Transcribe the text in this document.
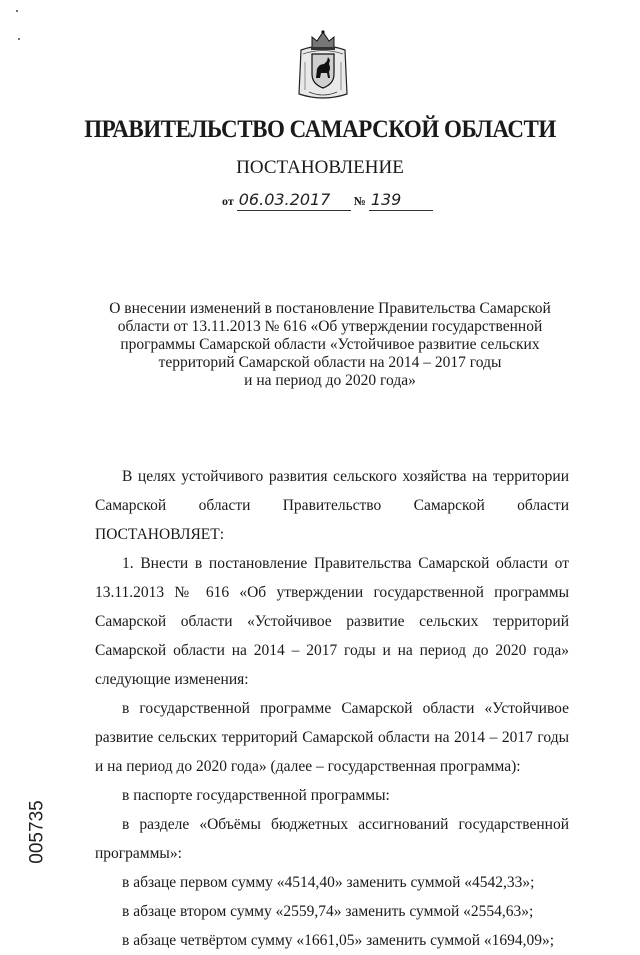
ПРАВИТЕЛЬСТВО САМАРСКОЙ ОБЛАСТИ
ПОСТАНОВЛЕНИЕ
от 06.03.2017 № 139
О внесении изменений в постановление Правительства Самарской
области от 13.11.2013 № 616 «Об утверждении государственной
программы Самарской области «Устойчивое развитие сельских
территорий Самарской области на 2014 – 2017 годы
и на период до 2020 года»

В целях устойчивого развития сельского хозяйства на территории Самарской области Правительство Самарской области ПОСТАНОВЛЯЕТ:

1. Внести в постановление Правительства Самарской области от 13.11.2013 № 616 «Об утверждении государственной программы Самарской области «Устойчивое развитие сельских территорий Самарской области на 2014 – 2017 годы и на период до 2020 года» следующие изменения:

в государственной программе Самарской области «Устойчивое развитие сельских территорий Самарской области на 2014 – 2017 годы и на период до 2020 года» (далее – государственная программа):

в паспорте государственной программы:

в разделе «Объёмы бюджетных ассигнований государственной программы»:

в абзаце первом сумму «4514,40» заменить суммой «4542,33»;

в абзаце втором сумму «2559,74» заменить суммой «2554,63»;

в абзаце четвёртом сумму «1661,05» заменить суммой «1694,09»;

005735
